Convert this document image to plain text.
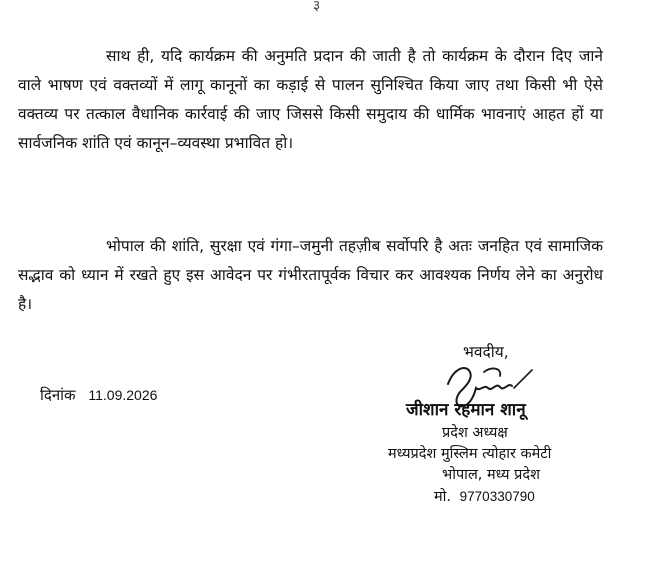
३

साथ ही, यदि कार्यक्रम की अनुमति प्रदान की जाती है तो कार्यक्रम के दौरान दिए जाने वाले भाषण एवं वक्तव्यों में लागू कानूनों का कड़ाई से पालन सुनिश्चित किया जाए तथा किसी भी ऐसे वक्तव्य पर तत्काल वैधानिक कार्रवाई की जाए जिससे किसी समुदाय की धार्मिक भावनाएं आहत हों या सार्वजनिक शांति एवं कानून–व्यवस्था प्रभावित हो।

भोपाल की शांति, सुरक्षा एवं गंगा–जमुनी तहज़ीब सर्वोपरि है अतः जनहित एवं सामाजिक सद्भाव को ध्यान में रखते हुए इस आवेदन पर गंभीरतापूर्वक विचार कर आवश्यक निर्णय लेने का अनुरोध है।

भवदीय,
दिनांक 11.09.2026
जीशान रहमान शानू
प्रदेश अध्यक्ष
मध्यप्रदेश मुस्लिम त्योहार कमेटी
भोपाल, मध्य प्रदेश
मो. 9770330790
